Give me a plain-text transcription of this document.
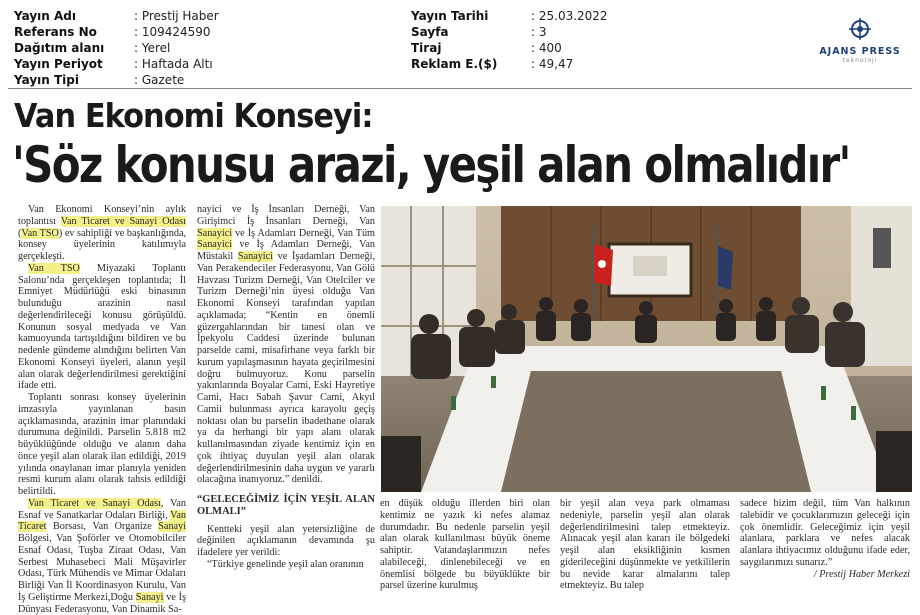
Yayın Adı	: Prestij Haber
Referans No	: 109424590
Dağıtım alanı	: Yerel
Yayın Periyot	: Haftada Altı
Yayın Tipi	: Gazete
Yayın Tarihi	: 25.03.2022
Sayfa	: 3
Tiraj	: 400
Reklam E.($)	: 49,47
AJANS PRESS
teknoloji
Van Ekonomi Konseyi:
'Söz konusu arazi, yeşil alan olmalıdır'

Van Ekonomi Konseyi’nin aylık toplantısı Van Ticaret ve Sanayi Odası (Van TSO) ev sahipliği ve başkanlığında, konsey üyelerinin katılımıyla gerçekleşti.

Van TSO Miyazaki Toplantı Salonu’nda gerçekleşen toplantıda; İl Emniyet Müdürlüğü eski binasının bulunduğu arazinin nasıl değerlendirileceği konusu görüşüldü. Konunun sosyal medyada ve Van kamuoyunda tartışıldığını bildiren ve bu nedenle gündeme alındığını belirten Van Ekonomi Konseyi üyeleri, alanın yeşil alan olarak değerlendirilmesi gerektiğini ifade etti.

Toplantı sonrası konsey üyelerinin imzasıyla yayınlanan basın açıklamasında, arazinin imar planındaki durumuna değinildi. Parselin 5.818 m2 büyüklüğünde olduğu ve alanın daha önce yeşil alan olarak ilan edildiği, 2019 yılında onaylanan imar planıyla yeniden resmi kurum alanı olarak tahsis edildiği belirtildi.

Van Ticaret ve Sanayi Odası, Van Esnaf ve Sanatkarlar Odaları Birliği, Van Ticaret Borsası, Van Organize Sanayi Bölgesi, Van Şoförler ve Otomobilciler Esnaf Odası, Tuşba Ziraat Odası, Van Serbest Muhasebeci Mali Müşavirler Odası, Türk Mühendis ve Mimar Odaları Birliği Van İl Koordinasyon Kurulu, Van İş Geliştirme Merkezi,Doğu Sanayi ve İş Dünyası Federasyonu, Van Dinamik Sa-

nayici ve İş İnsanları Derneği, Van Girişimci İş İnsanları Derneği, Van Sanayici ve İş Adamları Derneği, Van Tüm Sanayici ve İş Adamları Derneği, Van Müstakil Sanayici ve İşadamları Derneği, Van Perakendeciler Federasyonu, Van Gölü Havzası Turizm Derneği, Van Otelciler ve Turizm Derneği’nin üyesi olduğu Van Ekonomi Konseyi tarafından yapılan açıklamada; “Kentin en önemli güzergahlarından bir tanesi olan ve İpekyolu Caddesi üzerinde bulunan parselde cami, misafirhane veya farklı bir kurum yapılaşmasının hayata geçirilmesini doğru bulmuyoruz. Konu parselin yakınlarında Boyalar Cami, Eski Hayretiye Cami, Hacı Sabah Şavur Cami, Akyıl Camii bulunması ayrıca karayolu geçiş noktası olan bu parselin ibadethane olarak ya da herhangi bir yapı alanı olarak kullanılmasından ziyade kentimiz için en çok ihtiyaç duyulan yeşil alan olarak değerlendirilmesinin daha uygun ve yararlı olacağına inanıyoruz.” denildi.

“GELECEĞİMİZ İÇİN YEŞİL ALAN OLMALI”

Kentteki yeşil alan yetersizliğine de değinilen açıklamanın devamında şu ifadelere yer verildi:

“Türkiye genelinde yeşil alan oranının

en düşük olduğu illerden biri olan kentimiz ne yazık ki nefes alamaz durumdadır. Bu nedenle parselin yeşil alan olarak kullanılması büyük öneme sahiptir. Vatandaşlarımızın nefes alabileceği, dinlenebileceği ve en önemlisi bölgede bu büyüklükte bir parsel üzerine kurulmuş

bir yeşil alan veya park olmaması nedeniyle, parselin yeşil alan olarak değerlendirilmesini talep etmekteyiz. Alınacak yeşil alan kararı ile bölgedeki yeşil alan eksikliğinin kısmen giderileceğini düşünmekte ve yetkililerin bu nevide karar almalarını talep etmekteyiz. Bu talep

sadece bizim değil, tüm Van halkının talebidir ve çocuklarımızın geleceği için çok önemlidir. Geleceğimiz için yeşil alanlara, parklara ve nefes alacak alanlara ihtiyacımız olduğunu ifade eder, saygılarımızı sunarız.”

/ Prestij Haber Merkezi
